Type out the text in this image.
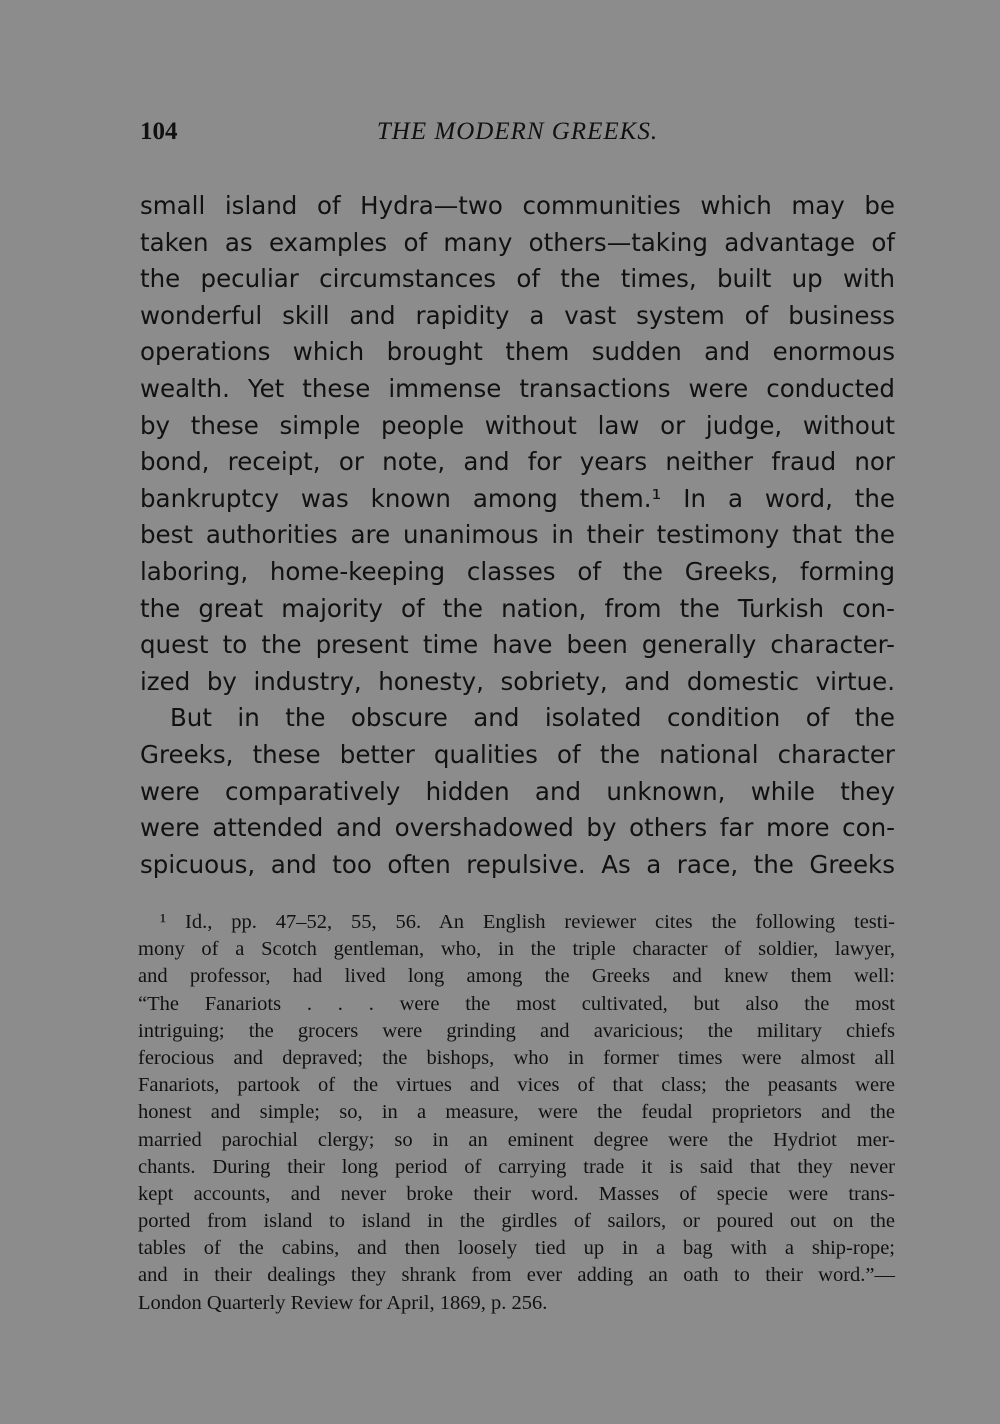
104	THE MODERN GREEKS.
small island of Hydra—two communities which may be
taken as examples of many others—taking advantage of
the peculiar circumstances of the times, built up with
wonderful skill and rapidity a vast system of business
operations which brought them sudden and enormous
wealth. Yet these immense transactions were conducted
by these simple people without law or judge, without
bond, receipt, or note, and for years neither fraud nor
bankruptcy was known among them.¹ In a word, the
best authorities are unanimous in their testimony that the
laboring, home-keeping classes of the Greeks, forming
the great majority of the nation, from the Turkish con-
quest to the present time have been generally character-
ized by industry, honesty, sobriety, and domestic virtue.
But in the obscure and isolated condition of the
Greeks, these better qualities of the national character
were comparatively hidden and unknown, while they
were attended and overshadowed by others far more con-
spicuous, and too often repulsive. As a race, the Greeks
¹ Id., pp. 47–52, 55, 56. An English reviewer cites the following testi-
mony of a Scotch gentleman, who, in the triple character of soldier, lawyer,
and professor, had lived long among the Greeks and knew them well:
“The Fanariots . . . were the most cultivated, but also the most
intriguing; the grocers were grinding and avaricious; the military chiefs
ferocious and depraved; the bishops, who in former times were almost all
Fanariots, partook of the virtues and vices of that class; the peasants were
honest and simple; so, in a measure, were the feudal proprietors and the
married parochial clergy; so in an eminent degree were the Hydriot mer-
chants. During their long period of carrying trade it is said that they never
kept accounts, and never broke their word. Masses of specie were trans-
ported from island to island in the girdles of sailors, or poured out on the
tables of the cabins, and then loosely tied up in a bag with a ship-rope;
and in their dealings they shrank from ever adding an oath to their word.”—
London Quarterly Review for April, 1869, p. 256.
